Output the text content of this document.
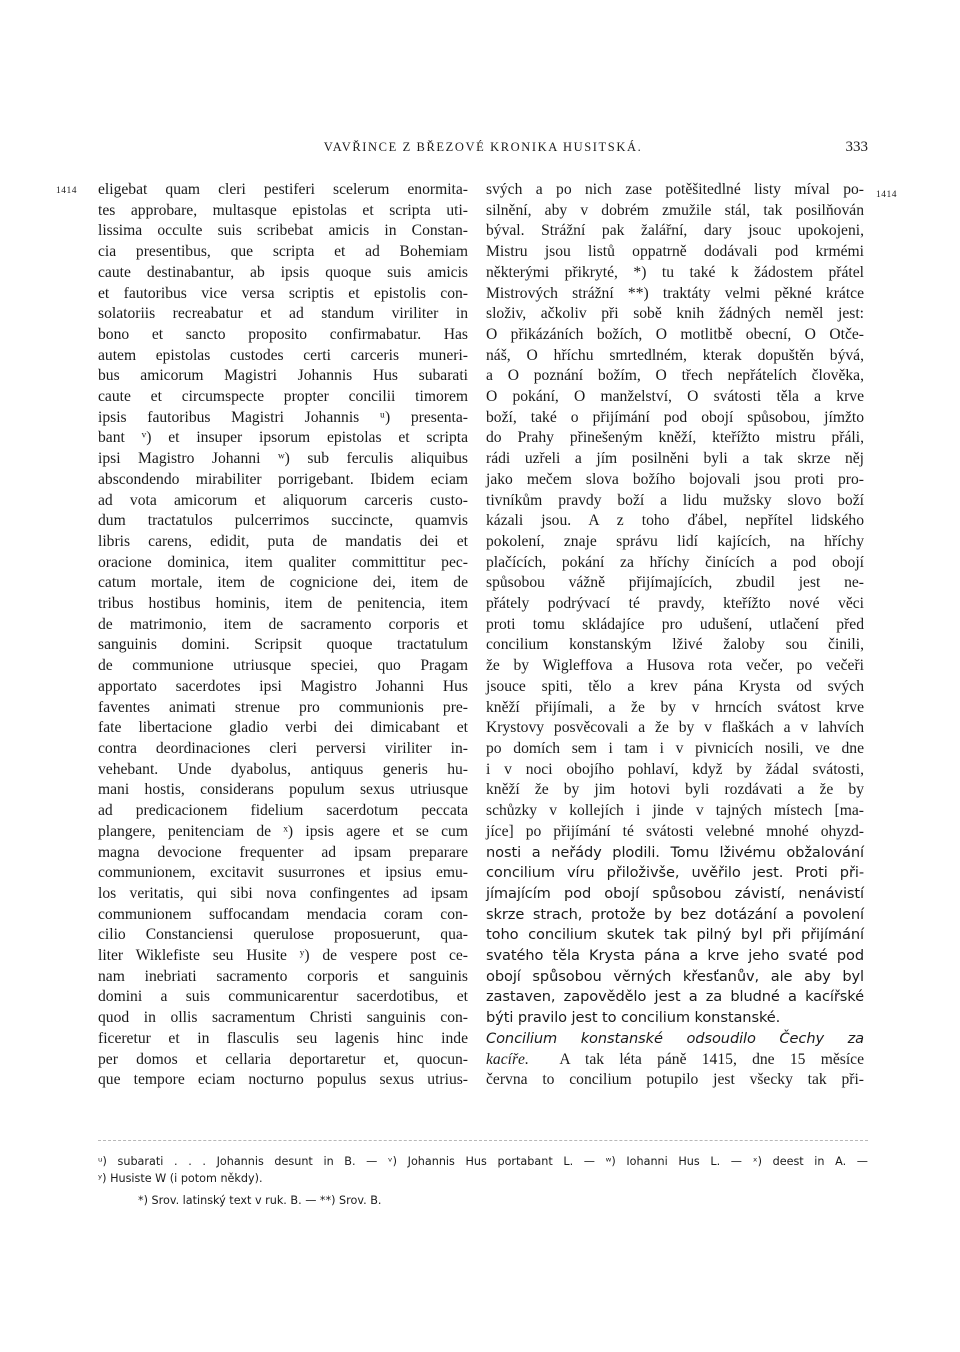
VAVŘINCE Z BŘEZOVÉ KRONIKA HUSITSKÁ.	333
1414	1414
eligebat quam cleri pestiferi scelerum enormita-
tes approbare, multasque epistolas et scripta uti-
lissima occulte suis scribebat amicis in Constan-
cia presentibus, que scripta et ad Bohemiam
caute destinabantur, ab ipsis quoque suis amicis
et fautoribus vice versa scriptis et epistolis con-
solatoriis recreabatur et ad standum viriliter in
bono et sancto proposito confirmabatur. Has
autem epistolas custodes certi carceris muneri-
bus amicorum Magistri Johannis Hus subarati
caute et circumspecte propter concilii timorem
ipsis fautoribus Magistri Johannis ᵘ) presenta-
bant ᵛ) et insuper ipsorum epistolas et scripta
ipsi Magistro Johanni ʷ) sub ferculis aliquibus
abscondendo mirabiliter porrigebant. Ibidem eciam
ad vota amicorum et aliquorum carceris custo-
dum tractatulos pulcerrimos succincte, quamvis
libris carens, edidit, puta de mandatis dei et
oracione dominica, item qualiter committitur pec-
catum mortale, item de cognicione dei, item de
tribus hostibus hominis, item de penitencia, item
de matrimonio, item de sacramento corporis et
sanguinis domini. Scripsit quoque tractatulum
de communione utriusque speciei, quo Pragam
apportato sacerdotes ipsi Magistro Johanni Hus
faventes animati strenue pro communionis pre-
fate libertacione gladio verbi dei dimicabant et
contra deordinaciones cleri perversi viriliter in-
vehebant. Unde dyabolus, antiquus generis hu-
mani hostis, considerans populum sexus utriusque
ad predicacionem fidelium sacerdotum peccata
plangere, penitenciam de ˣ) ipsis agere et se cum
magna devocione frequenter ad ipsam preparare
communionem, excitavit susurrones et ipsius emu-
los veritatis, qui sibi nova confingentes ad ipsam
communionem suffocandam mendacia coram con-
cilio Constanciensi querulose proposuerunt, qua-
liter Wiklefiste seu Husite ʸ) de vespere post ce-
nam inebriati sacramento corporis et sanguinis
domini a suis communicarentur sacerdotibus, et
quod in ollis sacramentum Christi sanguinis con-
ficeretur et in flasculis seu lagenis hinc inde
per domos et cellaria deportaretur et, quocun-
que tempore eciam nocturno populus sexus utrius-
svých a po nich zase potěšitedlné listy míval po-
silnění, aby v dobrém zmužile stál, tak posilňován
býval. Strážní pak žalářní, dary jsouc upokojeni,
Mistru jsou listů oppatrně dodávali pod krmémi
některými přikryté, *) tu také k žádostem přátel
Mistrových strážní **) traktáty velmi pěkné krátce
složiv, ačkoliv při sobě knih žádných neměl jest:
O přikázáních božích, O motlitbě obecní, O Otče-
náš, O hříchu smrtedlném, kterak dopuštěn bývá,
a O poznání božím, O třech nepřátelích člověka,
O pokání, O manželství, O svátosti těla a krve
boží, také o přijímání pod obojí spůsobou, jímžto
do Prahy přinešeným kněží, kteřížto mistru přáli,
rádi uzřeli a jím posilněni byli a tak skrze něj
jako mečem slova božího bojovali jsou proti pro-
tivníkům pravdy boží a lidu mužsky slovo boží
kázali jsou. A z toho ďábel, nepřítel lidského
pokolení, znaje správu lidí kajících, na hříchy
plačících, pokání za hříchy činících a pod obojí
spůsobou vážně přijímajících, zbudil jest ne-
přátely podrývací té pravdy, kteřížto nové věci
proti tomu skládajíce pro udušení, utlačení před
concilium konstanským lživé žaloby sou činili,
že by Wigleffova a Husova rota večer, po večeři
jsouce spiti, tělo a krev pána Krysta od svých
kněží přijímali, a že by v hrncích svátost krve
Krystovy posvěcovali a že by v flaškách a v lahvích
po domích sem i tam i v pivnicích nosili, ve dne
i v noci obojího pohlaví, když by žádal svátosti,
kněží že by jim hotovi byli rozdávati a že by
schůzky v kollejích i jinde v tajných místech [ma-
jíce] po přijímání té svátosti velebné mnohé ohyzd-
nosti a neřády plodili. Tomu lživému obžalování
concilium víru přiloživše, uvěřilo jest. Proti při-
jímajícím pod obojí spůsobou závistí, nenávistí
skrze strach, protože by bez dotázání a povolení
toho concilium skutek tak pilný byl při přijímání
svatého těla Krysta pána a krve jeho svaté pod
obojí spůsobou věrných křesťanův, ale aby byl
zastaven, zapovědělo jest a za bludné a kacířské
býti pravilo jest to concilium konstanské.
Concilium konstanské odsoudilo Čechy za
kacíře. A tak léta páně 1415, dne 15 měsíce
června to concilium potupilo jest všecky tak při-
ᵘ) subarati . . . Johannis desunt in B. — ᵛ) Johannis Hus portabant L. — ʷ) Iohanni Hus L. — ˣ) deest in A. —
ʸ) Husiste W (i potom někdy).
*) Srov. latinský text v ruk. B. — **) Srov. B.
